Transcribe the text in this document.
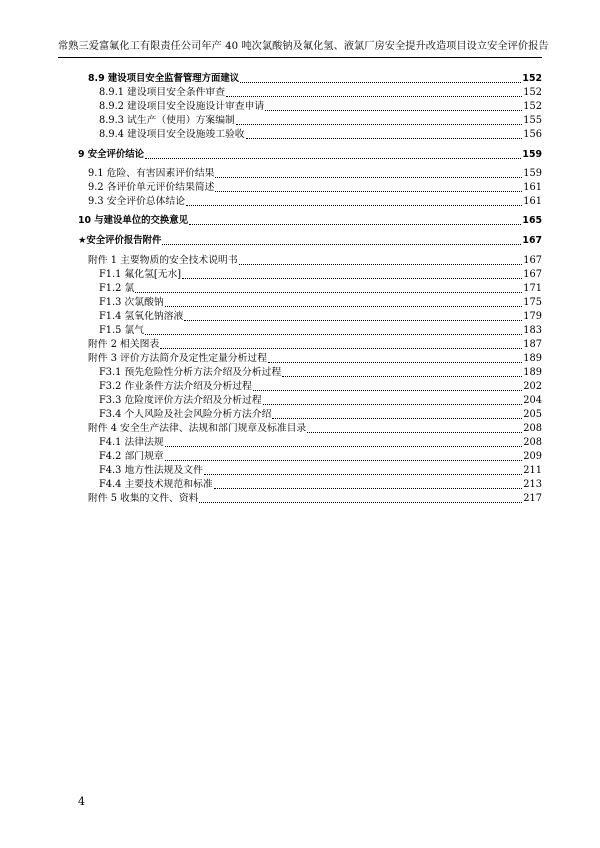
常熟三爱富氟化工有限责任公司年产 40 吨次氯酸钠及氟化氢、液氯厂房安全提升改造项目设立安全评价报告
8.9 建设项目安全监督管理方面建议	152
8.9.1 建设项目安全条件审查	152
8.9.2 建设项目安全设施设计审查申请	152
8.9.3 试生产（使用）方案编制	155
8.9.4 建设项目安全设施竣工验收	156
9 安全评价结论	159
9.1 危险、有害因素评价结果	159
9.2 各评价单元评价结果简述	161
9.3 安全评价总体结论	161
10 与建设单位的交换意见	165
★安全评价报告附件	167
附件 1 主要物质的安全技术说明书	167
F1.1 氟化氢[无水]	167
F1.2 氯	171
F1.3 次氯酸钠	175
F1.4 氢氧化钠溶液	179
F1.5 氯气	183
附件 2 相关图表	187
附件 3 评价方法简介及定性定量分析过程	189
F3.1 预先危险性分析方法介绍及分析过程	189
F3.2 作业条件方法介绍及分析过程	202
F3.3 危险度评价方法介绍及分析过程	204
F3.4 个人风险及社会风险分析方法介绍	205
附件 4 安全生产法律、法规和部门规章及标准目录	208
F4.1 法律法规	208
F4.2 部门规章	209
F4.3 地方性法规及文件	211
F4.4 主要技术规范和标准	213
附件 5 收集的文件、资料	217
4
